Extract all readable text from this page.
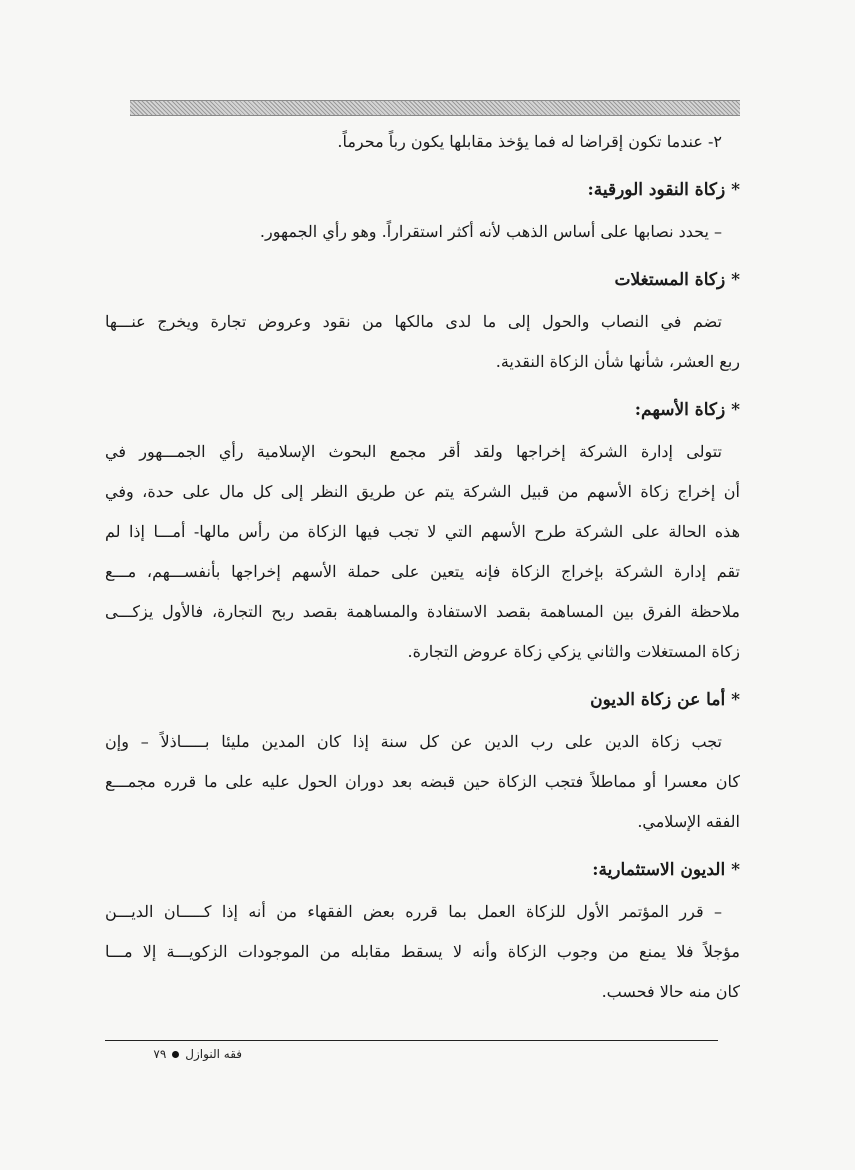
٢- عندما تكون إقراضا له فما يؤخذ مقابلها يكون رباً محرماً.
* زكاة النقود الورقية:
– يحدد نصابها على أساس الذهب لأنه أكثر استقراراً. وهو رأي الجمهور.
* زكاة المستغلات
تضم في النصاب والحول إلى ما لدى مالكها من نقود وعروض تجارة ويخرج عنـــها
ربع العشر، شأنها شأن الزكاة النقدية.
* زكاة الأسهم:
تتولى إدارة الشركة إخراجها ولقد أقر مجمع البحوث الإسلامية رأي الجمـــهور في
أن إخراج زكاة الأسهم من قبيل الشركة يتم عن طريق النظر إلى كل مال على حدة، وفي
هذه الحالة على الشركة طرح الأسهم التي لا تجب فيها الزكاة من رأس مالها- أمـــا إذا لم
تقم إدارة الشركة بإخراج الزكاة فإنه يتعين على حملة الأسهم إخراجها بأنفســـهم، مـــع
ملاحظة الفرق بين المساهمة بقصد الاستفادة والمساهمة بقصد ربح التجارة، فالأول يزكـــى
زكاة المستغلات والثاني يزكي زكاة عروض التجارة.
* أما عن زكاة الديون
تجب زكاة الدين على رب الدين عن كل سنة إذا كان المدين مليئا بـــــاذلاً – وإن
كان معسرا أو مماطلاً فتجب الزكاة حين قبضه بعد دوران الحول عليه على ما قرره مجمـــع
الفقه الإسلامي.
* الديون الاستثمارية:
– قرر المؤتمر الأول للزكاة العمل بما قرره بعض الفقهاء من أنه إذا كـــــان الديـــن
مؤجلاً فلا يمنع من وجوب الزكاة وأنه لا يسقط مقابله من الموجودات الزكويـــة إلا مـــا
كان منه حالا فحسب.
فقه النوازل٧٩
